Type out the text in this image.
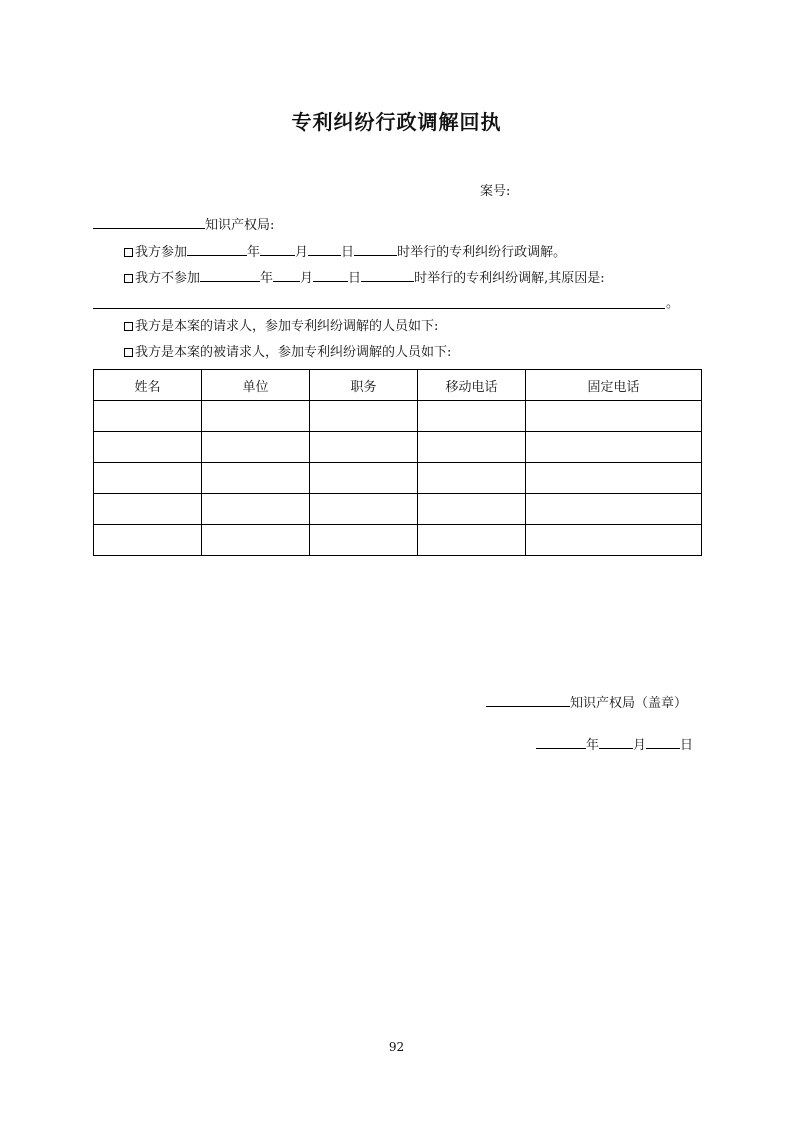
专利纠纷行政调解回执
案号:
知识产权局:
我方参加	年	月	日	时举行的专利纠纷行政调解。
我方不参加	年 月	日	时举行的专利纠纷调解,其原因是:
。
我方是本案的请求人，参加专利纠纷调解的人员如下:
我方是本案的被请求人，参加专利纠纷调解的人员如下:
姓名	单位	职务	移动电话	固定电话

知识产权局（盖章）
年	月	日
92
